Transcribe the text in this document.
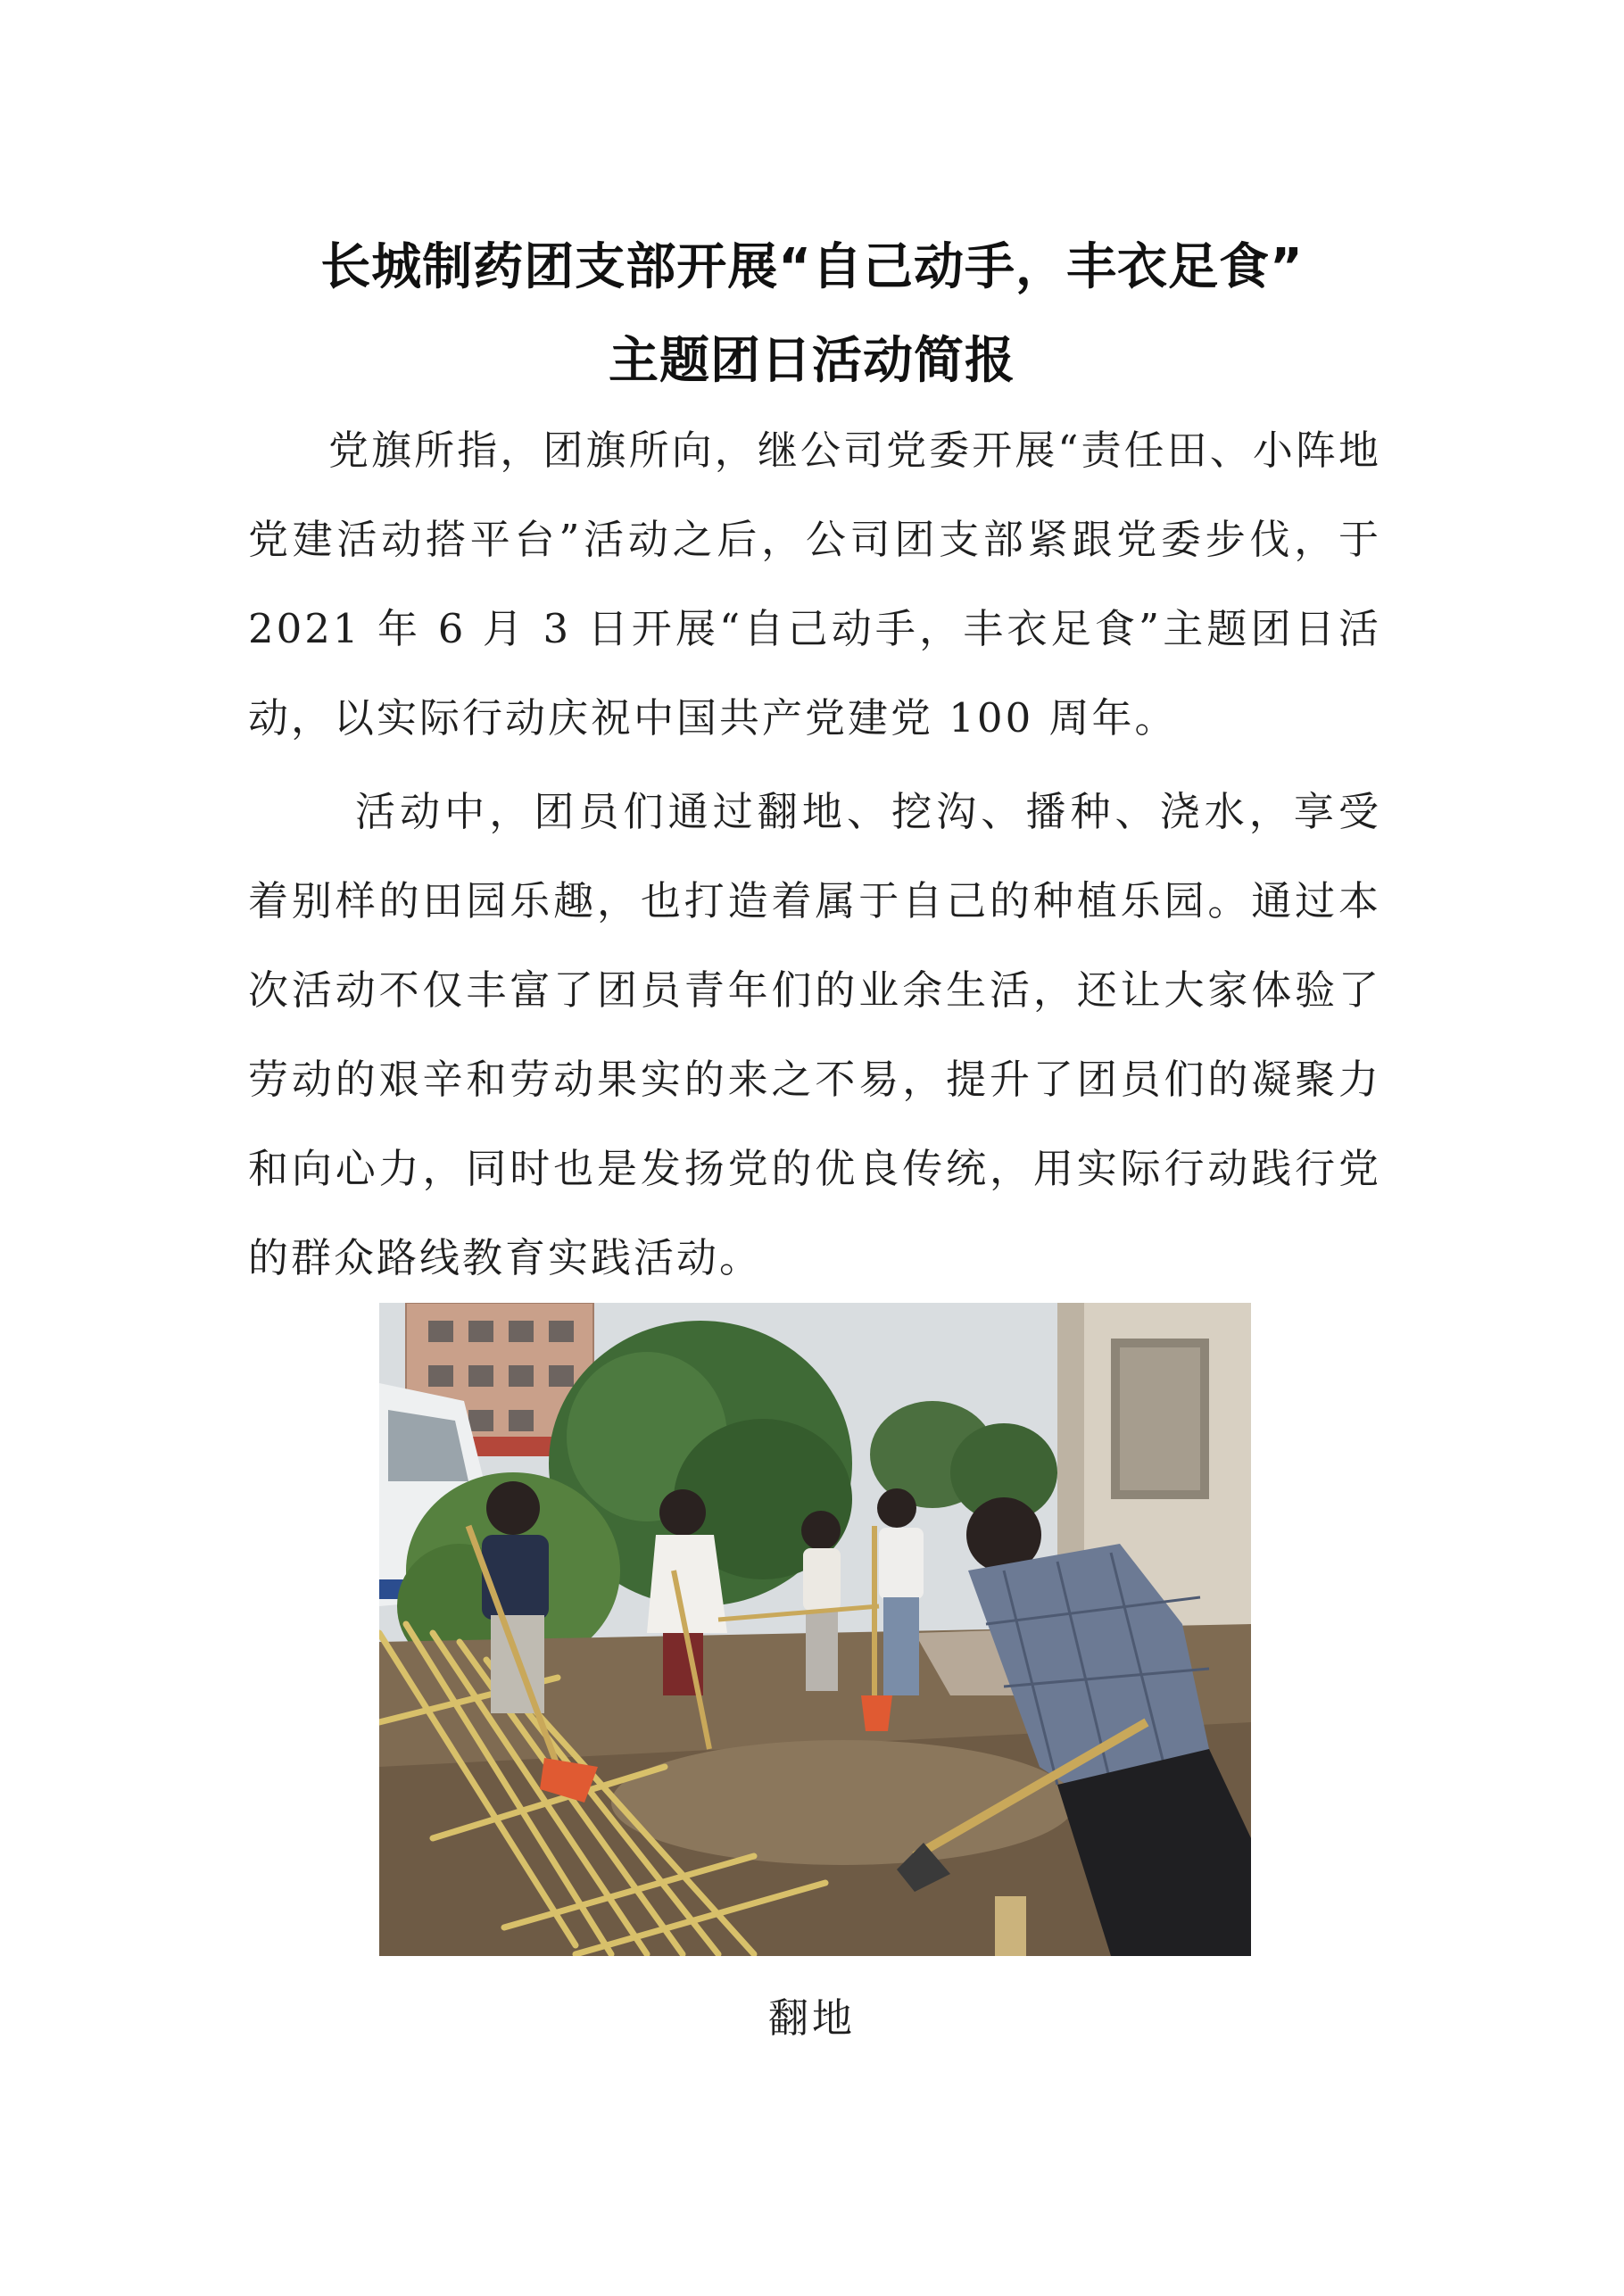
长城制药团支部开展“自己动手，丰衣足食”
主题团日活动简报

党旗所指，团旗所向，继公司党委开展“责任田、小阵地 党建活动搭平台”活动之后，公司团支部紧跟党委步伐，于 2021 年 6 月 3 日开展“自己动手，丰衣足食”主题团日活动，以实际行动庆祝中国共产党建党 100 周年。

活动中，团员们通过翻地、挖沟、播种、浇水，享受着别样的田园乐趣，也打造着属于自己的种植乐园。通过本次活动不仅丰富了团员青年们的业余生活，还让大家体验了劳动的艰辛和劳动果实的来之不易，提升了团员们的凝聚力和向心力，同时也是发扬党的优良传统，用实际行动践行党的群众路线教育实践活动。

翻地
